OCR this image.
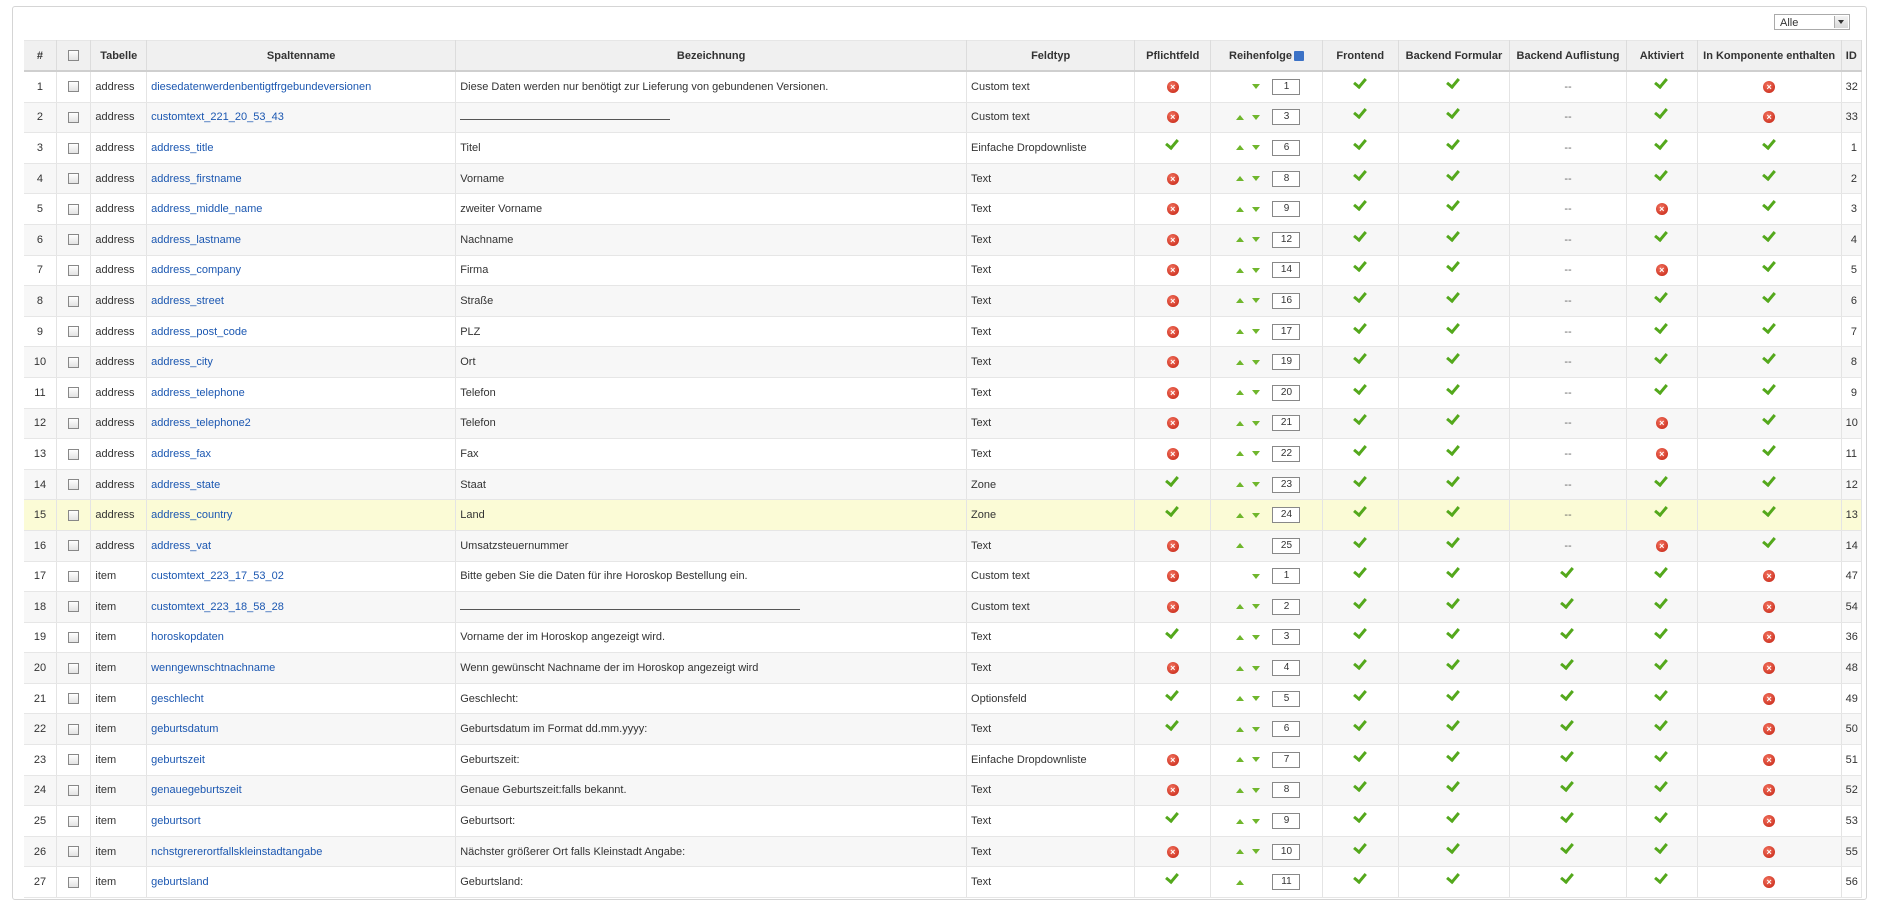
Alle
#		Tabelle	Spaltenname	Bezeichnung	Feldtyp	Pflichtfeld	Reihenfolge	Frontend	Backend Formular	Backend Auflistung	Aktiviert	In Komponente enthalten	ID
1		address	diesedatenwerdenbentigtfrgebundeversionen	Diese Daten werden nur benötigt zur Lieferung von gebundenen Versionen.	Custom text	×	1			--		×	32
2		address	customtext_221_20_53_43		Custom text	×	3			--		×	33
3		address	address_title	Titel	Einfache Dropdownliste		6			--			1
4		address	address_firstname	Vorname	Text	×	8			--			2
5		address	address_middle_name	zweiter Vorname	Text	×	9			--	×		3
6		address	address_lastname	Nachname	Text	×	12			--			4
7		address	address_company	Firma	Text	×	14			--	×		5
8		address	address_street	Straße	Text	×	16			--			6
9		address	address_post_code	PLZ	Text	×	17			--			7
10		address	address_city	Ort	Text	×	19			--			8
11		address	address_telephone	Telefon	Text	×	20			--			9
12		address	address_telephone2	Telefon	Text	×	21			--	×		10
13		address	address_fax	Fax	Text	×	22			--	×		11
14		address	address_state	Staat	Zone		23			--			12
15		address	address_country	Land	Zone		24			--			13
16		address	address_vat	Umsatzsteuernummer	Text	×	25			--	×		14
17		item	customtext_223_17_53_02	Bitte geben Sie die Daten für ihre Horoskop Bestellung ein.	Custom text	×	1					×	47
18		item	customtext_223_18_58_28		Custom text	×	2					×	54
19		item	horoskopdaten	Vorname der im Horoskop angezeigt wird.	Text		3					×	36
20		item	wenngewnschtnachname	Wenn gewünscht Nachname der im Horoskop angezeigt wird	Text	×	4					×	48
21		item	geschlecht	Geschlecht:	Optionsfeld		5					×	49
22		item	geburtsdatum	Geburtsdatum im Format dd.mm.yyyy:	Text		6					×	50
23		item	geburtszeit	Geburtszeit:	Einfache Dropdownliste	×	7					×	51
24		item	genauegeburtszeit	Genaue Geburtszeit:falls bekannt.	Text	×	8					×	52
25		item	geburtsort	Geburtsort:	Text		9					×	53
26		item	nchstgrererortfallskleinstadtangabe	Nächster größerer Ort falls Kleinstadt Angabe:	Text	×	10					×	55
27		item	geburtsland	Geburtsland:	Text		11					×	56
